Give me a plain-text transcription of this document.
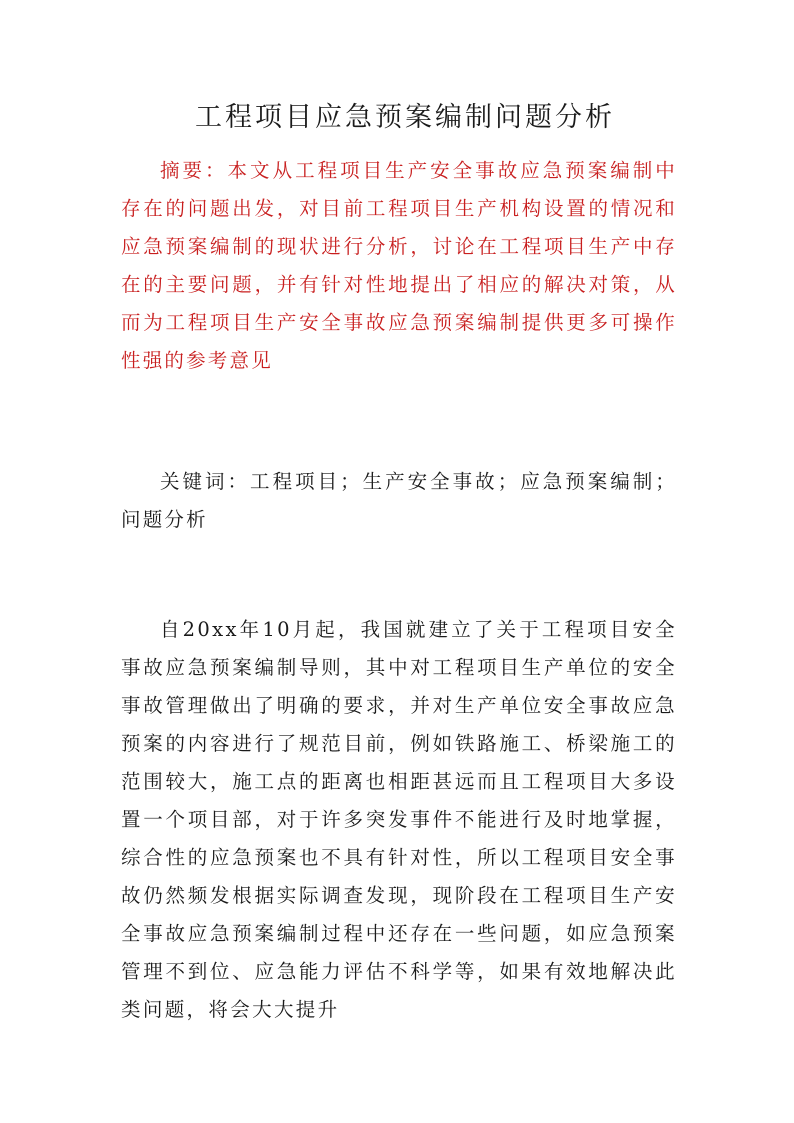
工程项目应急预案编制问题分析
摘要：本文从工程项目生产安全事故应急预案编制中存在的问题出发，对目前工程项目生产机构设置的情况和应急预案编制的现状进行分析，讨论在工程项目生产中存在的主要问题，并有针对性地提出了相应的解决对策，从而为工程项目生产安全事故应急预案编制提供更多可操作性强的参考意见
关键词：工程项目；生产安全事故；应急预案编制；问题分析
自20xx年10月起，我国就建立了关于工程项目安全事故应急预案编制导则，其中对工程项目生产单位的安全事故管理做出了明确的要求，并对生产单位安全事故应急预案的内容进行了规范目前，例如铁路施工、桥梁施工的范围较大，施工点的距离也相距甚远而且工程项目大多设置一个项目部，对于许多突发事件不能进行及时地掌握，综合性的应急预案也不具有针对性，所以工程项目安全事故仍然频发根据实际调查发现，现阶段在工程项目生产安全事故应急预案编制过程中还存在一些问题，如应急预案管理不到位、应急能力评估不科学等，如果有效地解决此类问题，将会大大提升
